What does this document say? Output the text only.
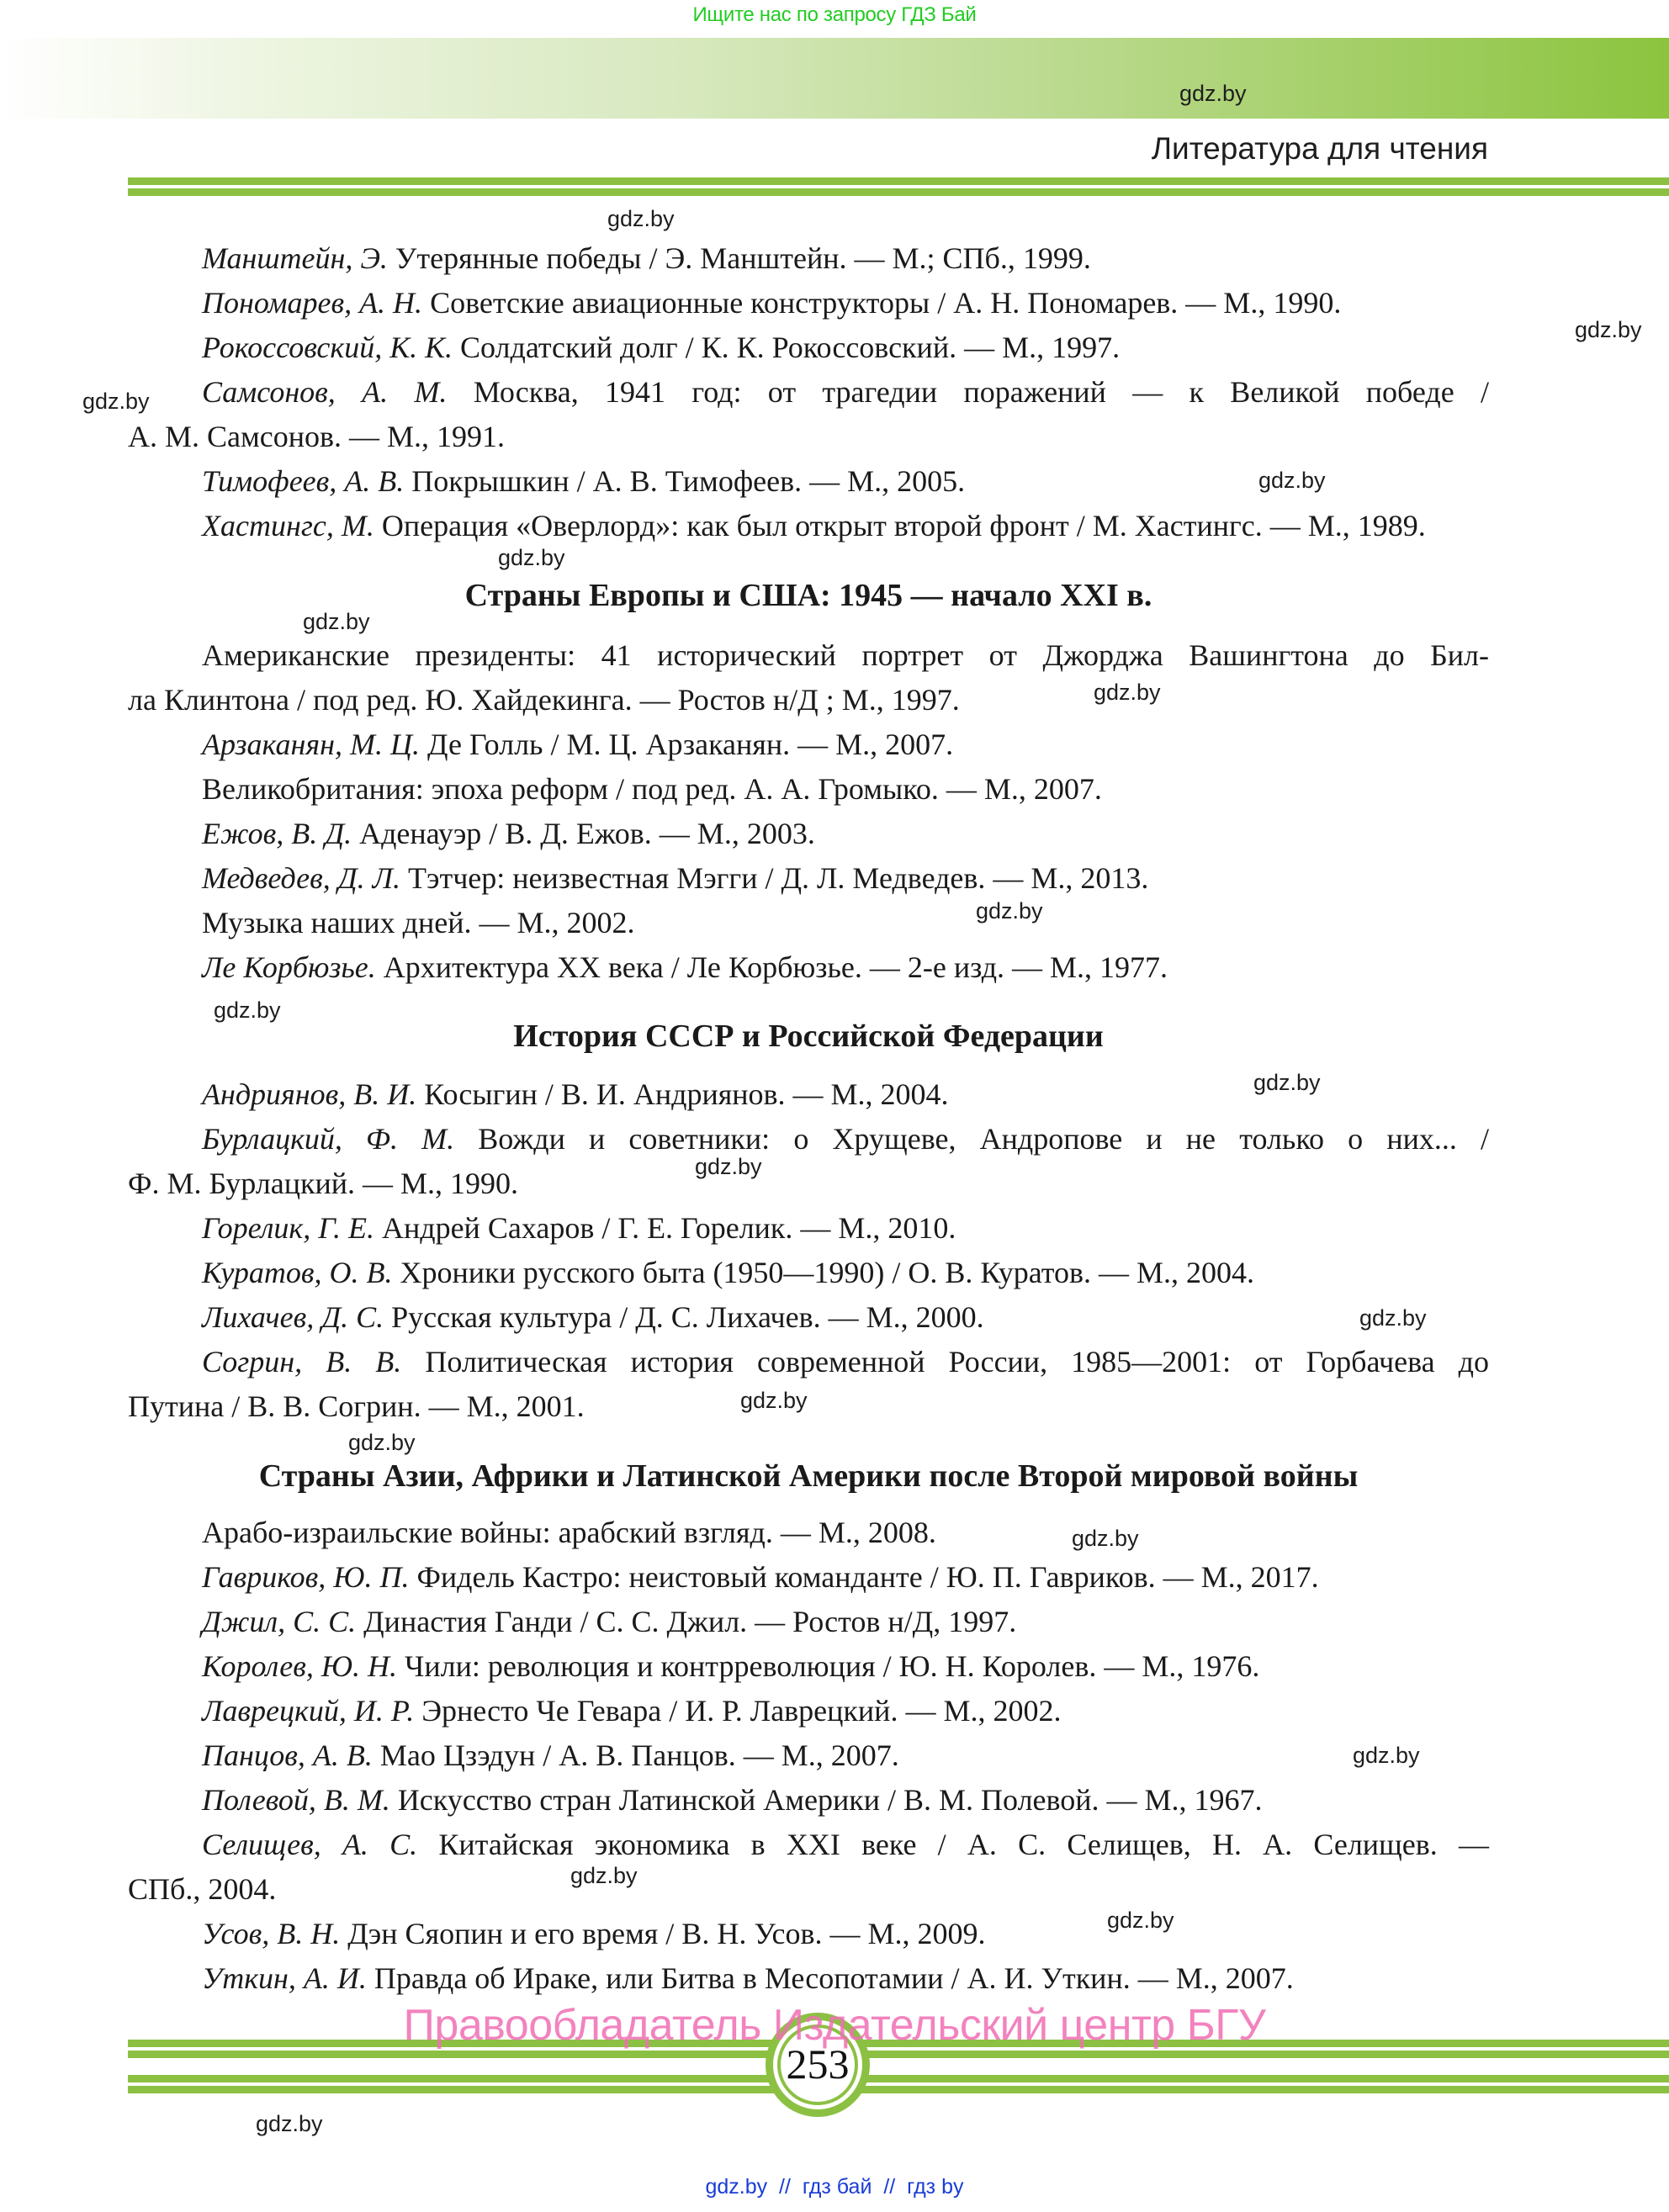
Ищите нас по запросу ГДЗ Бай
gdz.by
Литература для чтения
Манштейн, Э. Утерянные победы / Э. Манштейн. — М.; СПб., 1999.
Пономарев, А. Н. Советские авиационные конструкторы / А. Н. Пономарев. — М., 1990.
Рокоссовский, К. К. Солдатский долг / К. К. Рокоссовский. — М., 1997.
Самсонов, А. М. Москва, 1941 год: от трагедии поражений — к Великой победе /
А. М. Самсонов. — М., 1991.
Тимофеев, А. В. Покрышкин / А. В. Тимофеев. — М., 2005.
Хастингс, М. Операция «Оверлорд»: как был открыт второй фронт / М. Хастингс. — М., 1989.
Страны Европы и США: 1945 — начало XXI в.
Американские президенты: 41 исторический портрет от Джорджа Вашингтона до Бил-
ла Клинтона / под ред. Ю. Хайдекинга. — Ростов н/Д ; М., 1997.
Арзаканян, М. Ц. Де Голль / М. Ц. Арзаканян. — М., 2007.
Великобритания: эпоха реформ / под ред. А. А. Громыко. — М., 2007.
Ежов, В. Д. Аденауэр / В. Д. Ежов. — М., 2003.
Медведев, Д. Л. Тэтчер: неизвестная Мэгги / Д. Л. Медведев. — М., 2013.
Музыка наших дней. — М., 2002.
Ле Корбюзье. Архитектура XX века / Ле Корбюзье. — 2-е изд. — М., 1977.
История СССР и Российской Федерации
Андриянов, В. И. Косыгин / В. И. Андриянов. — М., 2004.
Бурлацкий, Ф. М. Вожди и советники: о Хрущеве, Андропове и не только о них... /
Ф. М. Бурлацкий. — М., 1990.
Горелик, Г. Е. Андрей Сахаров / Г. Е. Горелик. — М., 2010.
Куратов, О. В. Хроники русского быта (1950—1990) / О. В. Куратов. — М., 2004.
Лихачев, Д. С. Русская культура / Д. С. Лихачев. — М., 2000.
Согрин, В. В. Политическая история современной России, 1985—2001: от Горбачева до
Путина / В. В. Согрин. — М., 2001.
Страны Азии, Африки и Латинской Америки после Второй мировой войны
Арабо-израильские войны: арабский взгляд. — М., 2008.
Гавриков, Ю. П. Фидель Кастро: неистовый команданте / Ю. П. Гавриков. — М., 2017.
Джил, С. С. Династия Ганди / С. С. Джил. — Ростов н/Д, 1997.
Королев, Ю. Н. Чили: революция и контрреволюция / Ю. Н. Королев. — М., 1976.
Лаврецкий, И. Р. Эрнесто Че Гевара / И. Р. Лаврецкий. — М., 2002.
Панцов, А. В. Мао Цзэдун / А. В. Панцов. — М., 2007.
Полевой, В. М. Искусство стран Латинской Америки / В. М. Полевой. — М., 1967.
Селищев, А. С. Китайская экономика в XXI веке / А. С. Селищев, Н. А. Селищев. —
СПб., 2004.
Усов, В. Н. Дэн Сяопин и его время / В. Н. Усов. — М., 2009.
Уткин, А. И. Правда об Ираке, или Битва в Месопотамии / А. И. Уткин. — М., 2007.
gdz.by
gdz.by
gdz.by
gdz.by
gdz.by
gdz.by
gdz.by
gdz.by
gdz.by
gdz.by
gdz.by
gdz.by
gdz.by
gdz.by
gdz.by
gdz.by
gdz.by
gdz.by
gdz.by
253
Правообладатель Издательский центр БГУ
gdz.by  //  гдз бай  //  гдз by
